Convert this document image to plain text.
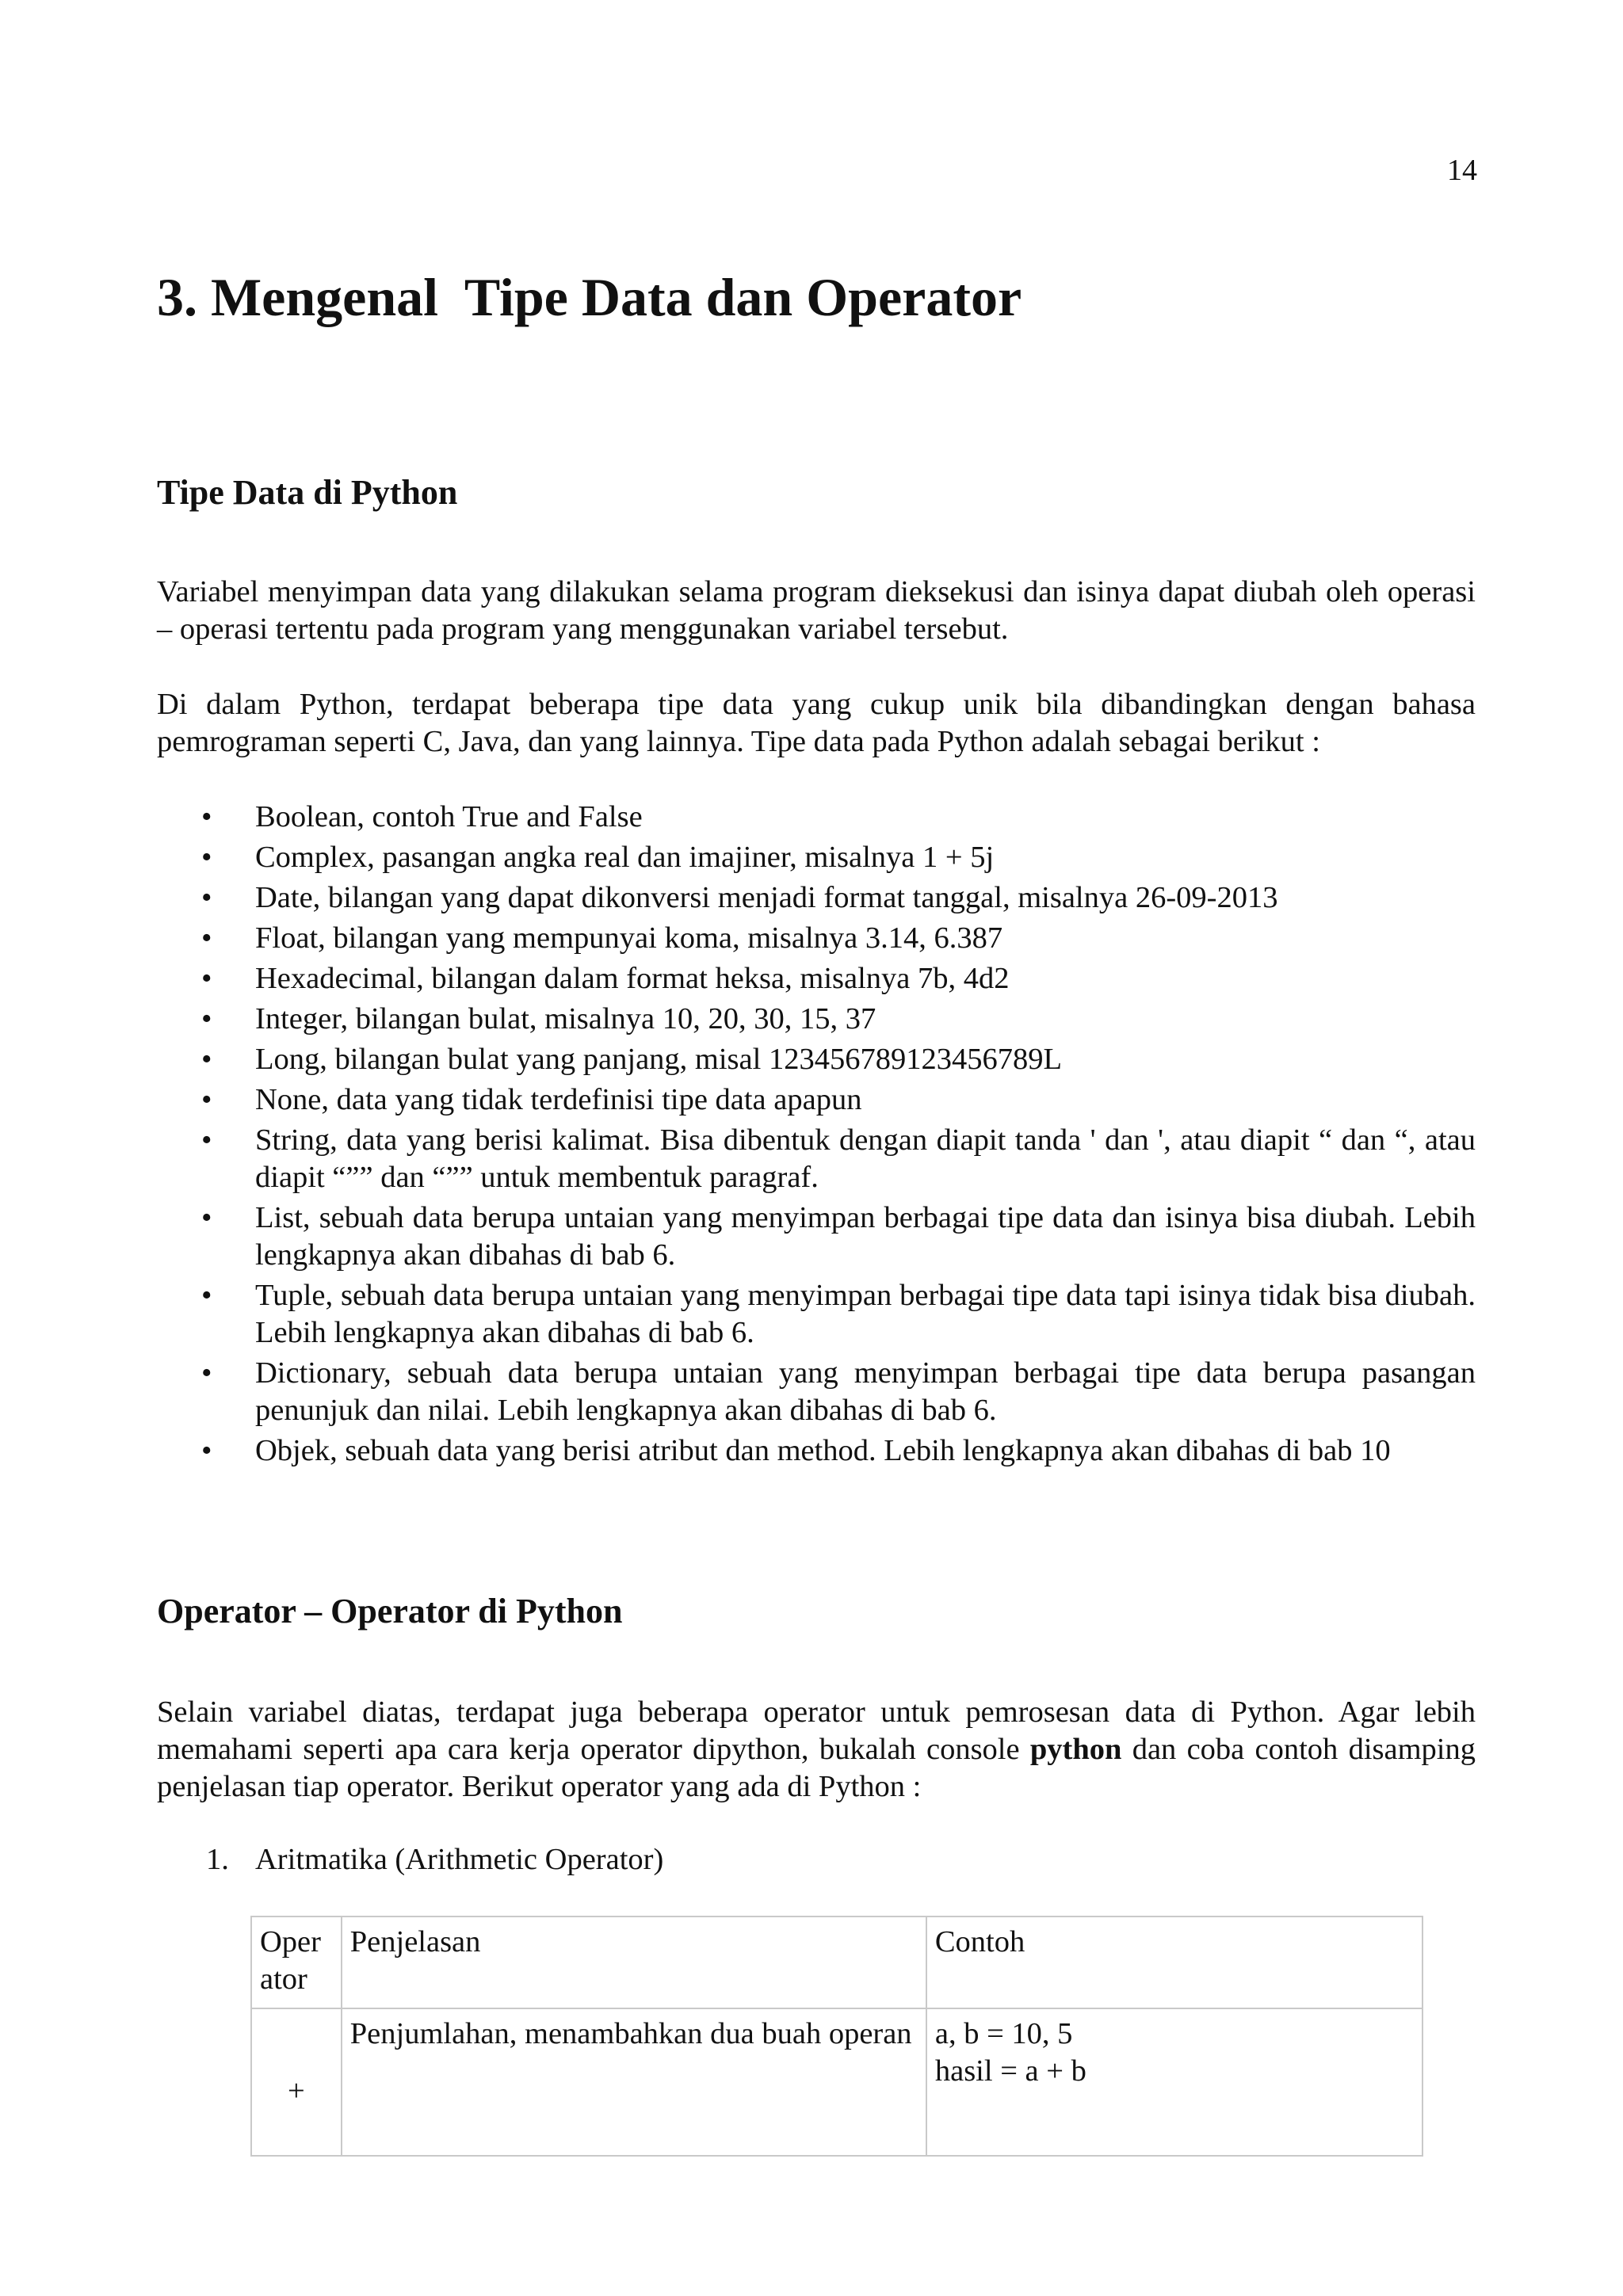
14
3. Mengenal  Tipe Data dan Operator
Tipe Data di Python

Variabel menyimpan data yang dilakukan selama program dieksekusi dan isinya dapat diubah oleh operasi – operasi tertentu pada program yang menggunakan variabel tersebut.

Di dalam Python, terdapat beberapa tipe data yang cukup unik bila dibandingkan dengan bahasa pemrograman seperti C, Java, dan yang lainnya. Tipe data pada Python adalah sebagai berikut :

• Boolean, contoh True and False
• Complex, pasangan angka real dan imajiner, misalnya 1 + 5j
• Date, bilangan yang dapat dikonversi menjadi format tanggal, misalnya 26-09-2013
• Float, bilangan yang mempunyai koma, misalnya 3.14, 6.387
• Hexadecimal, bilangan dalam format heksa, misalnya 7b, 4d2
• Integer, bilangan bulat, misalnya 10, 20, 30, 15, 37
• Long, bilangan bulat yang panjang, misal 123456789123456789L
• None, data yang tidak terdefinisi tipe data apapun
• String, data yang berisi kalimat. Bisa dibentuk dengan diapit tanda ' dan ', atau diapit “ dan “, atau diapit “”” dan “”” untuk membentuk paragraf.
• List, sebuah data berupa untaian yang menyimpan berbagai tipe data dan isinya bisa diubah. Lebih lengkapnya akan dibahas di bab 6.
• Tuple, sebuah data berupa untaian yang menyimpan berbagai tipe data tapi isinya tidak bisa diubah. Lebih lengkapnya akan dibahas di bab 6.
• Dictionary, sebuah data berupa untaian yang menyimpan berbagai tipe data berupa pasangan penunjuk dan nilai. Lebih lengkapnya akan dibahas di bab 6.
• Objek, sebuah data yang berisi atribut dan method. Lebih lengkapnya akan dibahas di bab 10
Operator – Operator di Python

Selain variabel diatas, terdapat juga beberapa operator untuk pemrosesan data di Python. Agar lebih memahami seperti apa cara kerja operator dipython, bukalah console python dan coba contoh disamping penjelasan tiap operator. Berikut operator yang ada di Python :

1. Aritmatika (Arithmetic Operator)
Oper ator	Penjelasan	Contoh
+	Penjumlahan, menambahkan dua buah operan	a, b = 10, 5
hasil = a + b
